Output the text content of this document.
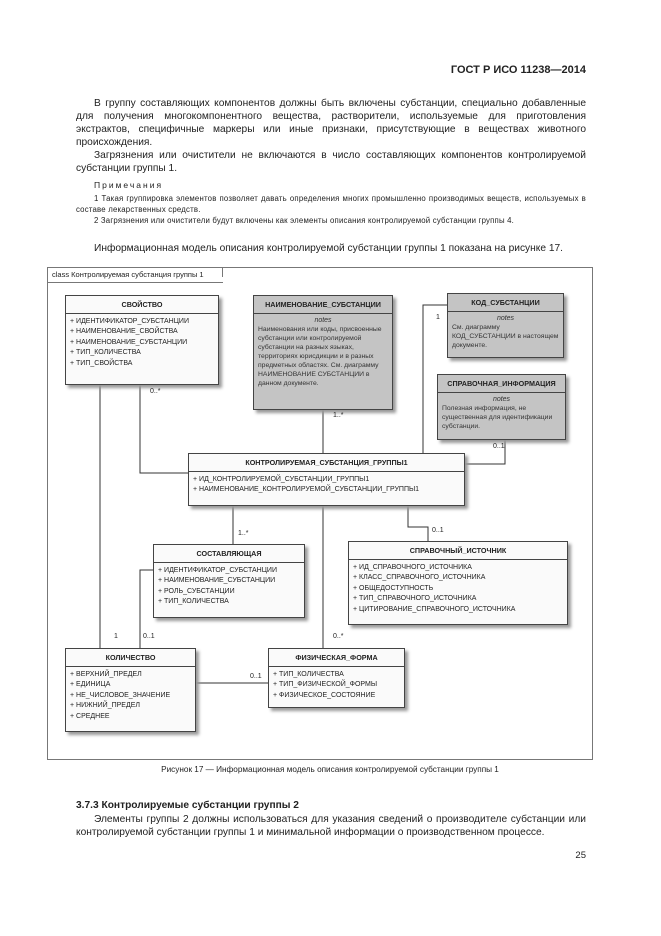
ГОСТ Р ИСО 11238—2014
В группу составляющих компонентов должны быть включены субстанции, специально добавленные для получения многокомпонентного вещества, растворители, используемые для приготовления экстрактов, специфичные маркеры или иные признаки, присутствующие в веществах животного происхождения.
Загрязнения или очистители не включаются в число составляющих компонентов контролируемой субстанции группы 1.
Примечания
1 Такая группировка элементов позволяет давать определения многих промышленно производимых веществ, используемых в составе лекарственных средств.
2 Загрязнения или очистители будут включены как элементы описания контролируемой субстанции группы 4.
Информационная модель описания контролируемой субстанции группы 1 показана на рисунке 17.
class Контролируемая субстанция группы 1
СВОЙСТВО
+ ИДЕНТИФИКАТОР_СУБСТАНЦИИ
+ НАИМЕНОВАНИЕ_СВОЙСТВА
+ НАИМЕНОВАНИЕ_СУБСТАНЦИИ
+ ТИП_КОЛИЧЕСТВА
+ ТИП_СВОЙСТВА
НАИМЕНОВАНИЕ_СУБСТАНЦИИ
notes
Наименования или коды, присвоенные субстанции или контролируемой субстанции на разных языках, территориях юрисдикции и в разных предметных областях. См. диаграмму НАИМЕНОВАНИЕ СУБСТАНЦИИ в данном документе.
КОД_СУБСТАНЦИИ
notes
См. диаграмму КОД_СУБСТАНЦИИ в настоящем документе.
СПРАВОЧНАЯ_ИНФОРМАЦИЯ
notes
Полезная информация, не существенная для идентификации субстанции.
КОНТРОЛИРУЕМАЯ_СУБСТАНЦИЯ_ГРУППЫ1
+ ИД_КОНТРОЛИРУЕМОЙ_СУБСТАНЦИИ_ГРУППЫ1
+ НАИМЕНОВАНИЕ_КОНТРОЛИРУЕМОЙ_СУБСТАНЦИИ_ГРУППЫ1
СОСТАВЛЯЮЩАЯ
+ ИДЕНТИФИКАТОР_СУБСТАНЦИИ
+ НАИМЕНОВАНИЕ_СУБСТАНЦИИ
+ РОЛЬ_СУБСТАНЦИИ
+ ТИП_КОЛИЧЕСТВА
СПРАВОЧНЫЙ_ИСТОЧНИК
+ ИД_СПРАВОЧНОГО_ИСТОЧНИКА
+ КЛАСС_СПРАВОЧНОГО_ИСТОЧНИКА
+ ОБЩЕДОСТУПНОСТЬ
+ ТИП_СПРАВОЧНОГО_ИСТОЧНИКА
+ ЦИТИРОВАНИЕ_СПРАВОЧНОГО_ИСТОЧНИКА
КОЛИЧЕСТВО
+ ВЕРХНИЙ_ПРЕДЕЛ
+ ЕДИНИЦА
+ НЕ_ЧИСЛОВОЕ_ЗНАЧЕНИЕ
+ НИЖНИЙ_ПРЕДЕЛ
+ СРЕДНЕЕ
ФИЗИЧЕСКАЯ_ФОРМА
+ ТИП_КОЛИЧЕСТВА
+ ТИП_ФИЗИЧЕСКОЙ_ФОРМЫ
+ ФИЗИЧЕСКОЕ_СОСТОЯНИЕ
0..*
1..*
1
0..1
1..*	0..1
1	0..1	0..*
0..1
Рисунок 17 — Информационная модель описания контролируемой субстанции группы 1
3.7.3 Контролируемые субстанции группы 2
Элементы группы 2 должны использоваться для указания сведений о производителе субстанции или контролируемой субстанции группы 1 и минимальной информации о производственном процессе.
25
